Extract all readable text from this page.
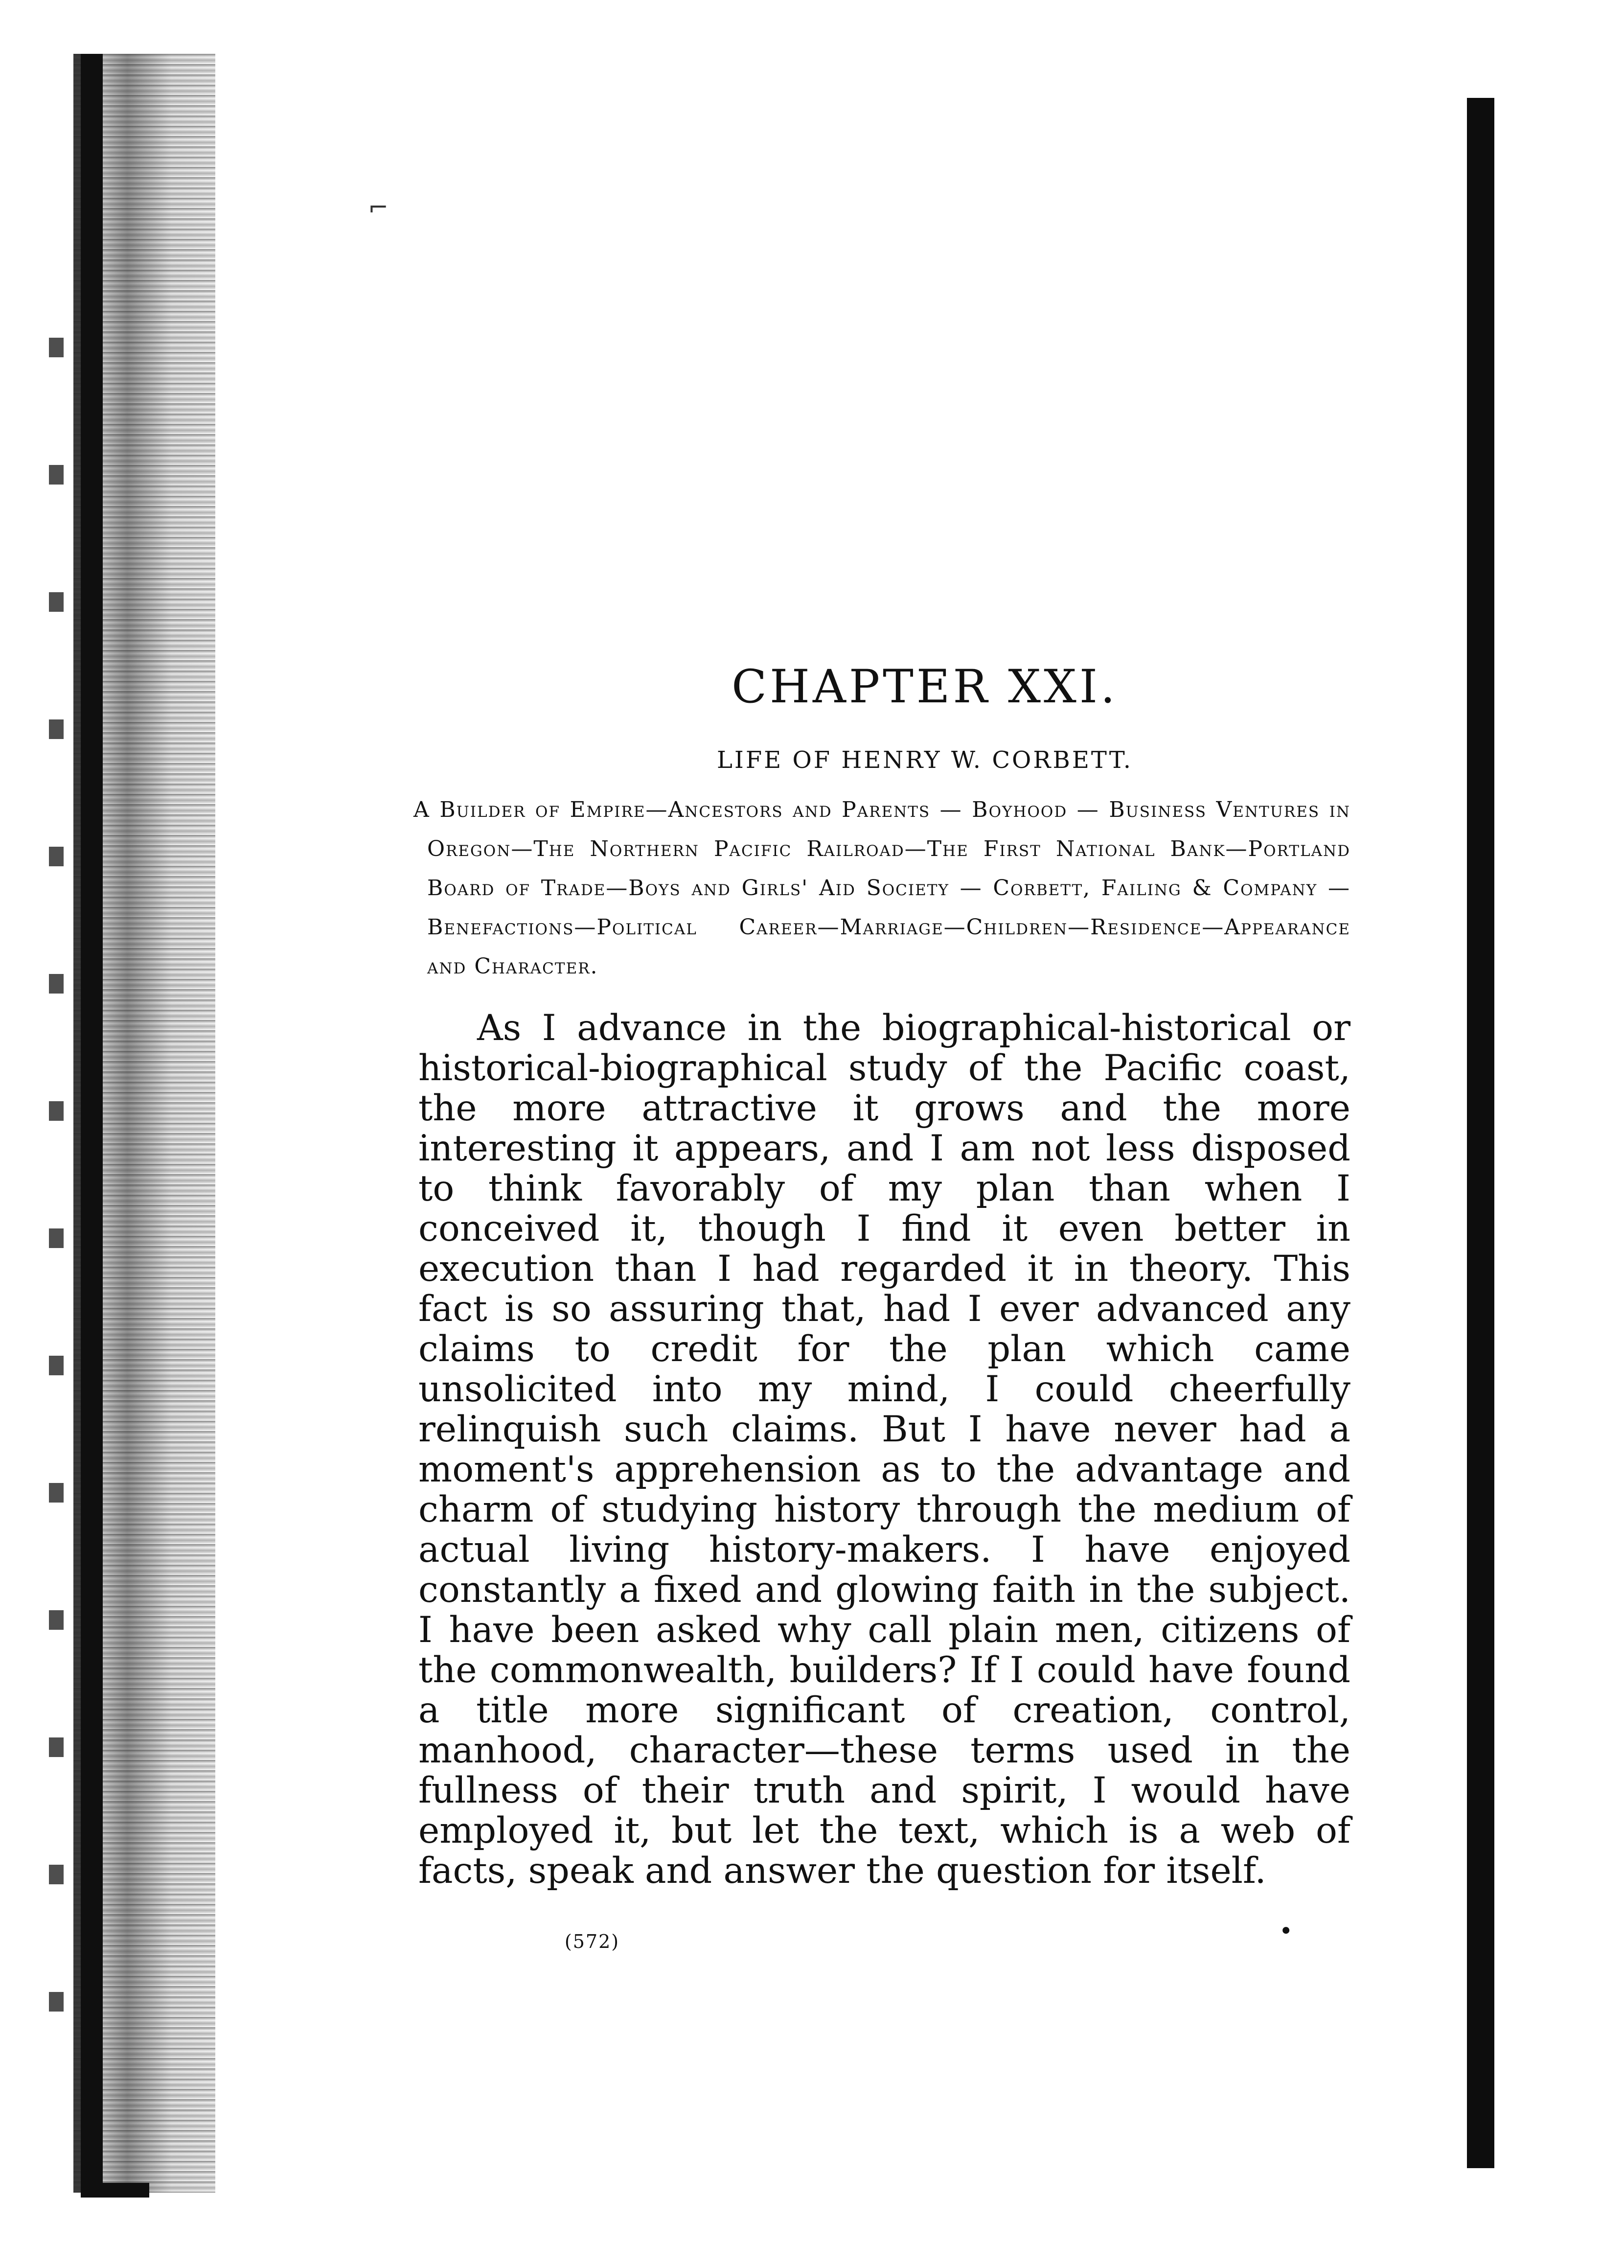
⌐
CHAPTER XXI.
LIFE OF HENRY W. CORBETT.
A Builder of Empire—Ancestors and Parents — Boyhood — Business Ventures in Oregon—The Northern Pacific Railroad—The First National Bank—Portland Board of Trade—Boys and Girls' Aid Society — Corbett, Failing & Company — Benefactions—Political Career—Marriage—Children—Residence—Appearance and Character.
As I advance in the biographical-historical or historical-biographical study of the Pacific coast, the more attractive it grows and the more interesting it appears, and I am not less disposed to think favorably of my plan than when I conceived it, though I find it even better in execution than I had regarded it in theory. This fact is so assuring that, had I ever advanced any claims to credit for the plan which came unsolicited into my mind, I could cheerfully relinquish such claims. But I have never had a moment's apprehension as to the advantage and charm of studying history through the medium of actual living history-makers. I have enjoyed constantly a fixed and glowing faith in the subject. I have been asked why call plain men, citizens of the commonwealth, builders? If I could have found a title more significant of creation, control, manhood, character—these terms used in the fullness of their truth and spirit, I would have employed it, but let the text, which is a web of facts, speak and answer the question for itself.
(572)	•
